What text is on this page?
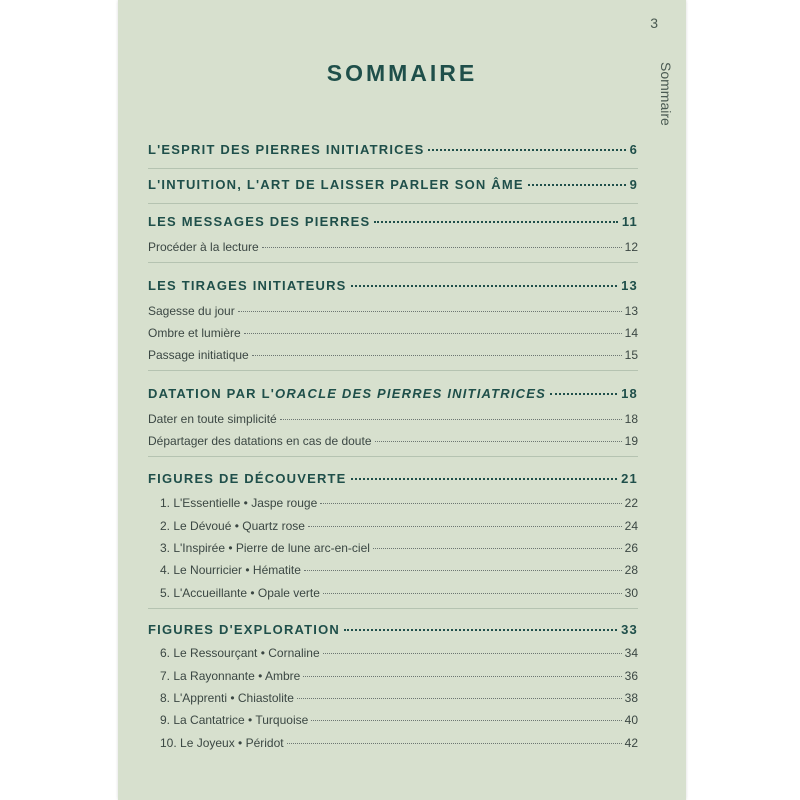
3
Sommaire
SOMMAIRE
L'ESPRIT DES PIERRES INITIATRICES	6
L'INTUITION, L'ART DE LAISSER PARLER SON ÂME	9
LES MESSAGES DES PIERRES	11
Procéder à la lecture	12
LES TIRAGES INITIATEURS	13
Sagesse du jour	13
Ombre et lumière	14
Passage initiatique	15
DATATION PAR L'ORACLE DES PIERRES INITIATRICES	18
Dater en toute simplicité	18
Départager des datations en cas de doute	19
FIGURES DE DÉCOUVERTE	21
1. L'Essentielle • Jaspe rouge	22
2. Le Dévoué • Quartz rose	24
3. L'Inspirée • Pierre de lune arc-en-ciel	26
4. Le Nourricier • Hématite	28
5. L'Accueillante • Opale verte	30
FIGURES D'EXPLORATION	33
6. Le Ressourçant • Cornaline	34
7. La Rayonnante • Ambre	36
8. L'Apprenti • Chiastolite	38
9. La Cantatrice • Turquoise	40
10. Le Joyeux • Péridot	42
